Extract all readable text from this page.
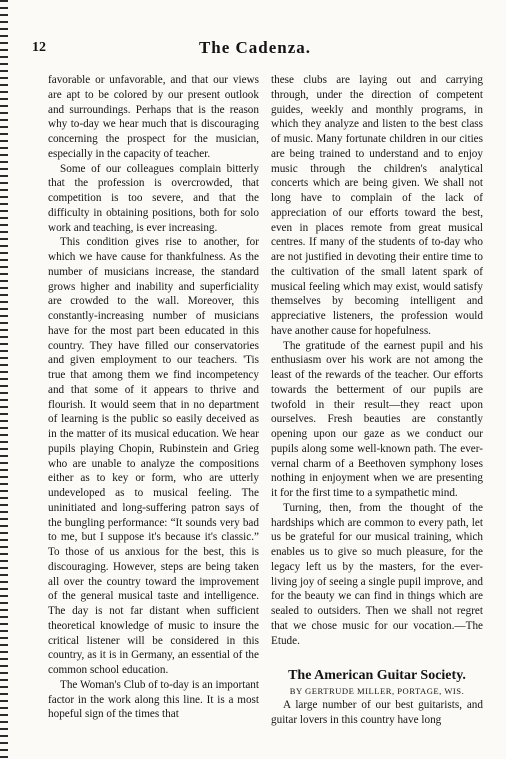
12	The Cadenza.

favorable or unfavorable, and that our views are apt to be colored by our present outlook and surroundings. Perhaps that is the reason why to-day we hear much that is discouraging concerning the prospect for the musician, especially in the capacity of teacher.

Some of our colleagues complain bitterly that the profession is overcrowded, that competition is too severe, and that the difficulty in obtaining positions, both for solo work and teaching, is ever increasing.

This condition gives rise to another, for which we have cause for thankfulness. As the number of musicians increase, the standard grows higher and inability and superficiality are crowded to the wall. Moreover, this constantly-increasing number of musicians have for the most part been educated in this country. They have filled our conservatories and given employment to our teachers. 'Tis true that among them we find incompetency and that some of it appears to thrive and flourish. It would seem that in no department of learning is the public so easily deceived as in the matter of its musical education. We hear pupils playing Chopin, Rubinstein and Grieg who are unable to analyze the compositions either as to key or form, who are utterly undeveloped as to musical feeling. The uninitiated and long-suffering patron says of the bungling performance: “It sounds very bad to me, but I suppose it's because it's classic.” To those of us anxious for the best, this is discouraging. However, steps are being taken all over the country toward the improvement of the general musical taste and intelligence. The day is not far distant when sufficient theoretical knowledge of music to insure the critical listener will be considered in this country, as it is in Germany, an essential of the common school education.

The Woman's Club of to-day is an important factor in the work along this line. It is a most hopeful sign of the times that

these clubs are laying out and carrying through, under the direction of competent guides, weekly and monthly programs, in which they analyze and listen to the best class of music. Many fortunate children in our cities are being trained to understand and to enjoy music through the children's analytical concerts which are being given. We shall not long have to complain of the lack of appreciation of our efforts toward the best, even in places remote from great musical centres. If many of the students of to-day who are not justified in devoting their entire time to the cultivation of the small latent spark of musical feeling which may exist, would satisfy themselves by becoming intelligent and appreciative listeners, the profession would have another cause for hopefulness.

The gratitude of the earnest pupil and his enthusiasm over his work are not among the least of the rewards of the teacher. Our efforts towards the betterment of our pupils are twofold in their result—they react upon ourselves. Fresh beauties are constantly opening upon our gaze as we conduct our pupils along some well-known path. The ever-vernal charm of a Beethoven symphony loses nothing in enjoyment when we are presenting it for the first time to a sympathetic mind.

Turning, then, from the thought of the hardships which are common to every path, let us be grateful for our musical training, which enables us to give so much pleasure, for the legacy left us by the masters, for the ever-living joy of seeing a single pupil improve, and for the beauty we can find in things which are sealed to outsiders. Then we shall not regret that we chose music for our vocation.—The Etude.

The American Guitar Society.
BY GERTRUDE MILLER, PORTAGE, WIS.

A large number of our best guitarists, and guitar lovers in this country have long
